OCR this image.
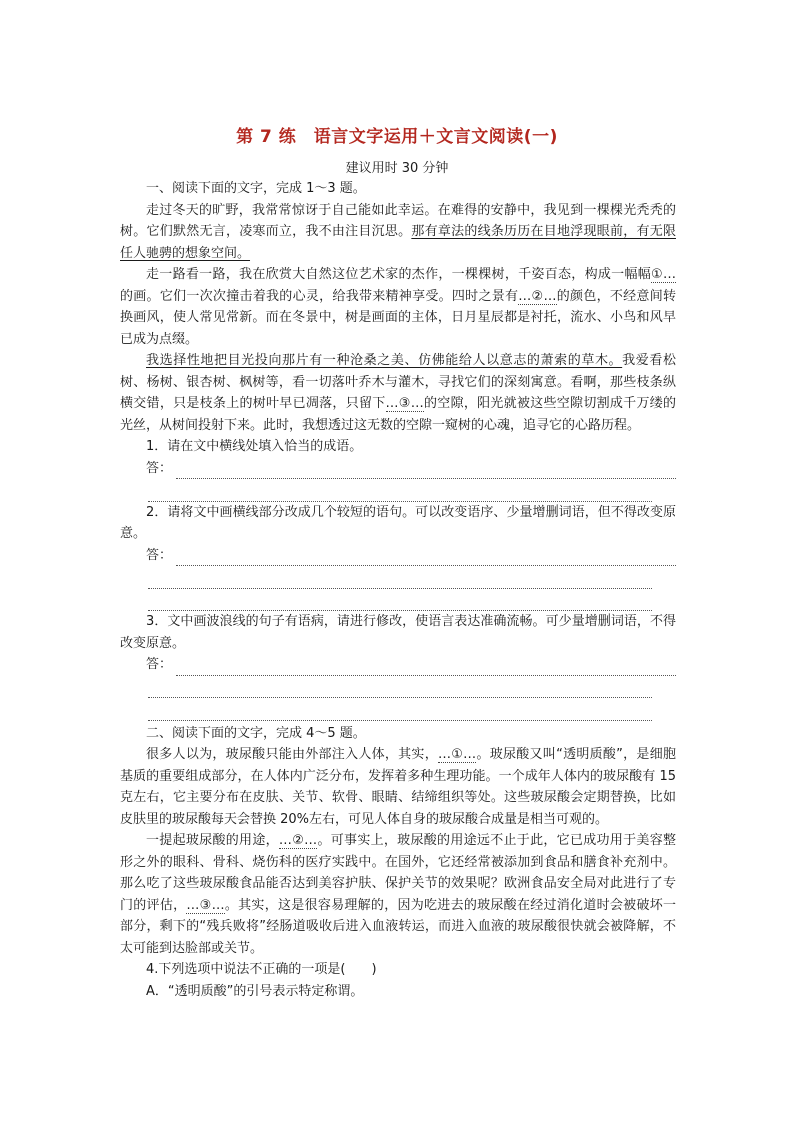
第 7 练　语言文字运用＋文言文阅读(一)
建议用时 30 分钟

一、阅读下面的文字，完成 1～3 题。

走过冬天的旷野，我常常惊讶于自己能如此幸运。在难得的安静中，我见到一棵棵光秃秃的树。它们默然无言，凌寒而立，我不由注目沉思。那有章法的线条历历在目地浮现眼前，有无限任人驰骋的想象空间。

走一路看一路，我在欣赏大自然这位艺术家的杰作，一棵棵树，千姿百态，构成一幅幅①…的画。它们一次次撞击着我的心灵，给我带来精神享受。四时之景有…②…的颜色，不经意间转换画风，使人常见常新。而在冬景中，树是画面的主体，日月星辰都是衬托，流水、小鸟和风早已成为点缀。

我选择性地把目光投向那片有一种沧桑之美、仿佛能给人以意志的萧索的草木。我爱看松树、杨树、银杏树、枫树等，看一切落叶乔木与灌木，寻找它们的深刻寓意。看啊，那些枝条纵横交错，只是枝条上的树叶早已凋落，只留下…③…的空隙，阳光就被这些空隙切割成千万缕的光丝，从树间投射下来。此时，我想透过这无数的空隙一窥树的心魂，追寻它的心路历程。

1．请在文中横线处填入恰当的成语。

答：

2．请将文中画横线部分改成几个较短的语句。可以改变语序、少量增删词语，但不得改变原意。

答：

3．文中画波浪线的句子有语病，请进行修改，使语言表达准确流畅。可少量增删词语，不得改变原意。

答：

二、阅读下面的文字，完成 4～5 题。

很多人以为，玻尿酸只能由外部注入人体，其实，…①…。玻尿酸又叫“透明质酸”，是细胞基质的重要组成部分，在人体内广泛分布，发挥着多种生理功能。一个成年人体内的玻尿酸有 15 克左右，它主要分布在皮肤、关节、软骨、眼睛、结缔组织等处。这些玻尿酸会定期替换，比如皮肤里的玻尿酸每天会替换 20%左右，可见人体自身的玻尿酸合成量是相当可观的。

一提起玻尿酸的用途，…②…。可事实上，玻尿酸的用途远不止于此，它已成功用于美容整形之外的眼科、骨科、烧伤科的医疗实践中。在国外，它还经常被添加到食品和膳食补充剂中。那么吃了这些玻尿酸食品能否达到美容护肤、保护关节的效果呢？欧洲食品安全局对此进行了专门的评估，…③…。其实，这是很容易理解的，因为吃进去的玻尿酸在经过消化道时会被破坏一部分，剩下的“残兵败将”经肠道吸收后进入血液转运，而进入血液的玻尿酸很快就会被降解，不太可能到达脸部或关节。

4.下列选项中说法不正确的一项是(　　)

A．“透明质酸”的引号表示特定称谓。
